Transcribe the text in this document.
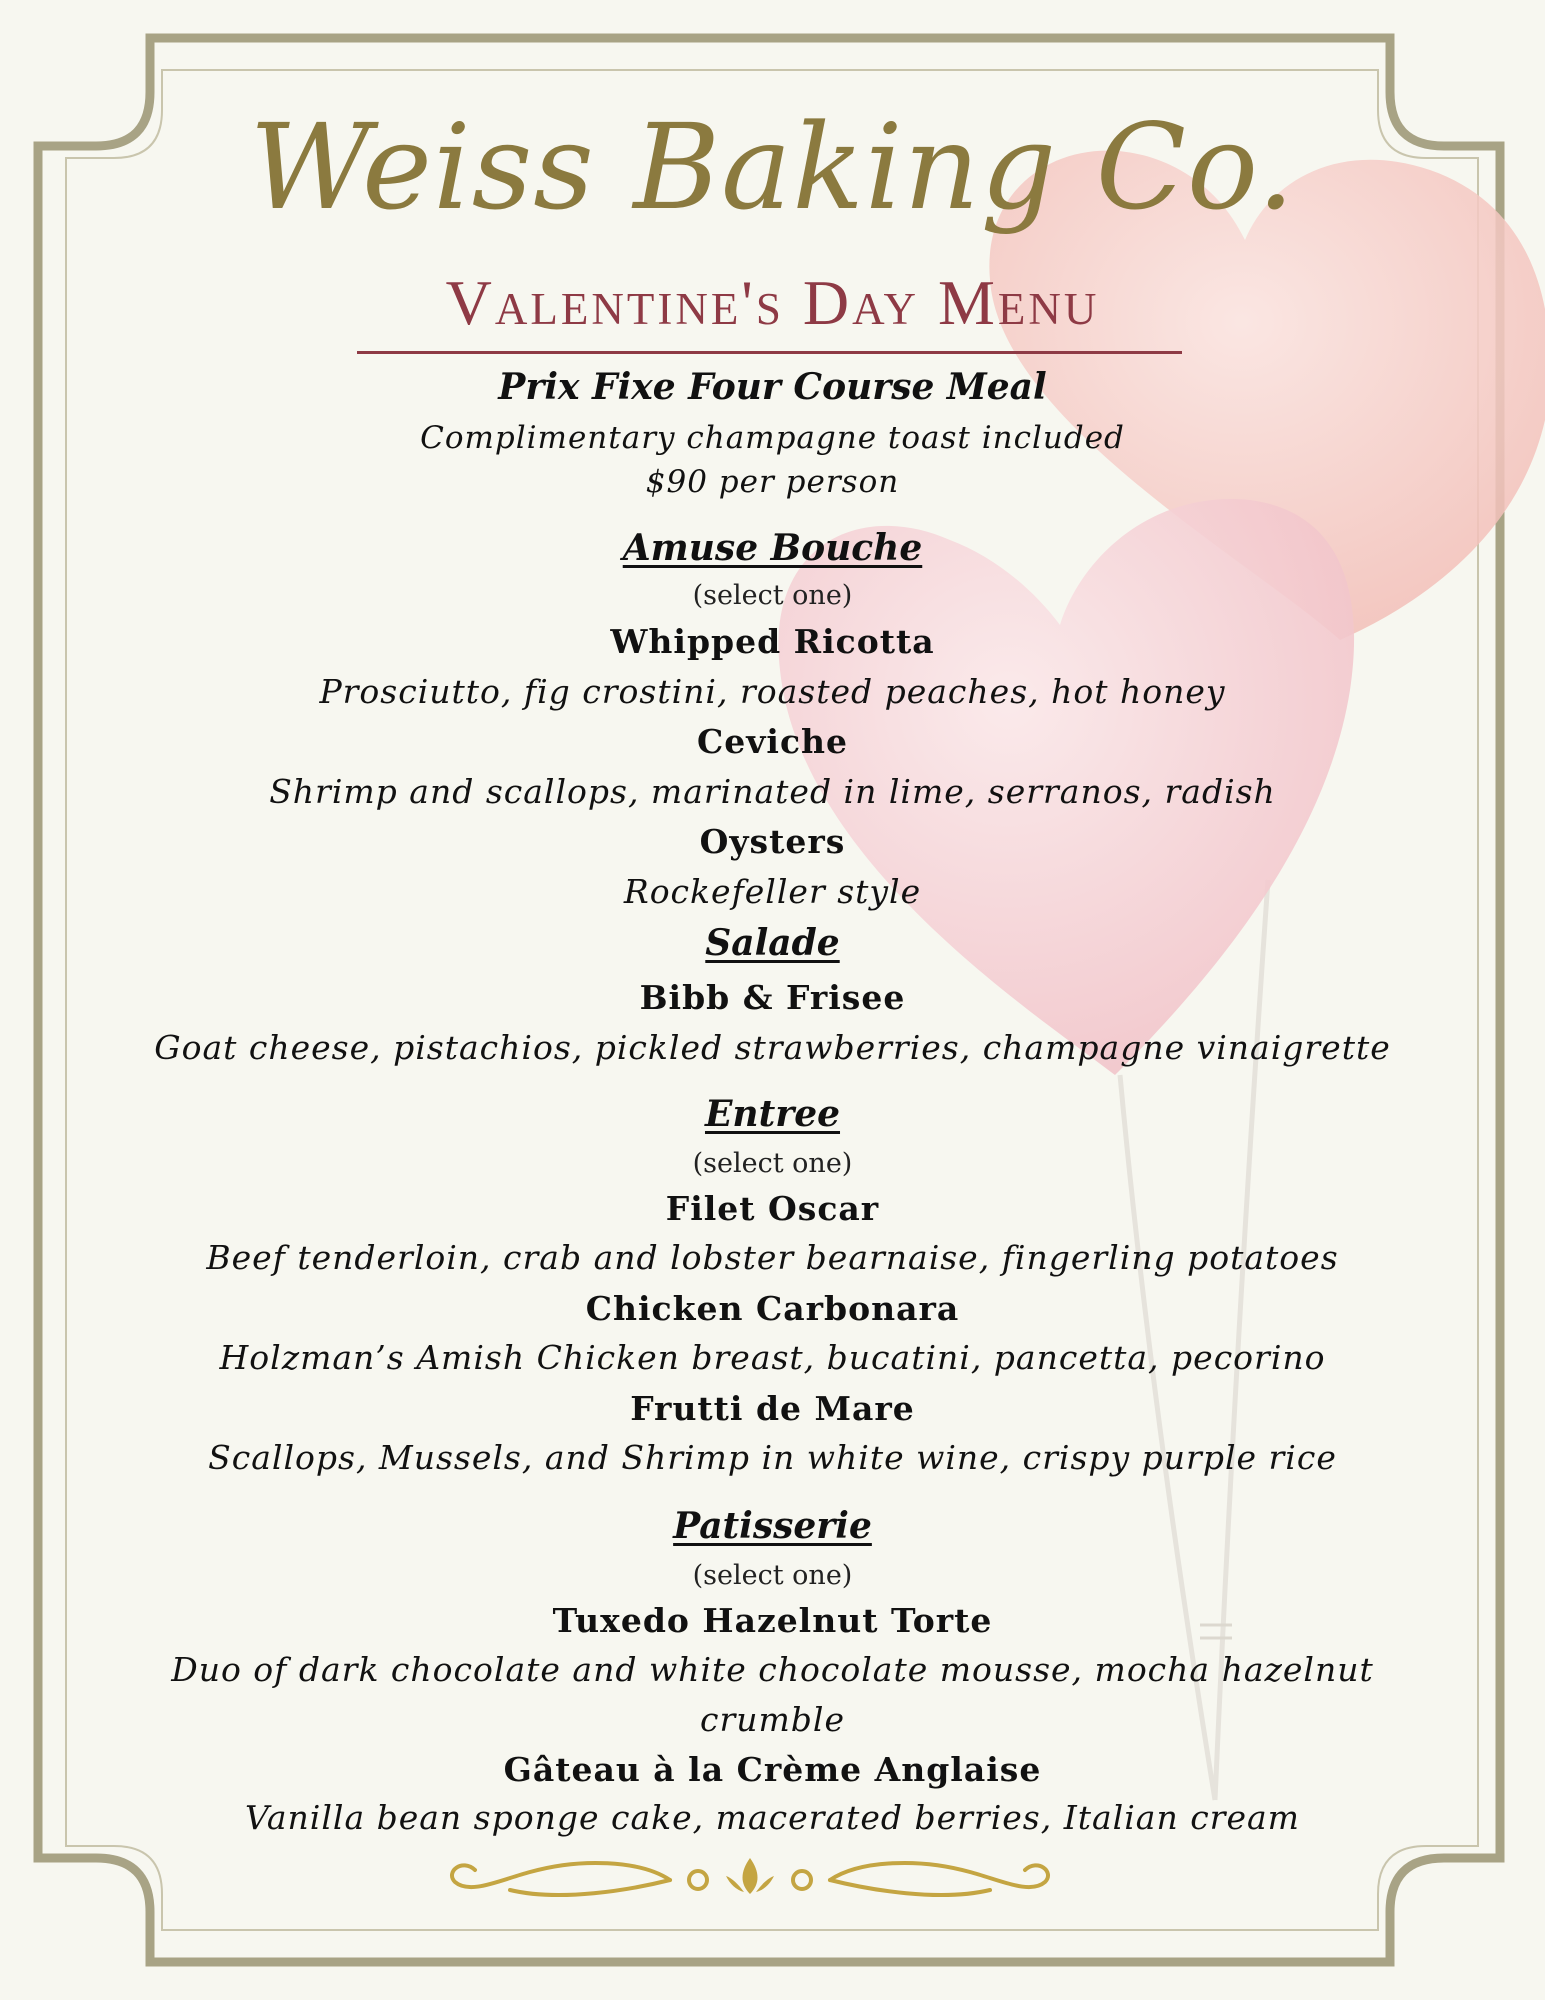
Weiss Baking Co.
Valentine's Day Menu
Prix Fixe Four Course Meal
Complimentary champagne toast included
$90 per person
Amuse Bouche
(select one)
Whipped Ricotta
Prosciutto, fig crostini, roasted peaches, hot honey
Ceviche
Shrimp and scallops, marinated in lime, serranos, radish
Oysters
Rockefeller style
Salade
Bibb & Frisee
Goat cheese, pistachios, pickled strawberries, champagne vinaigrette
Entree
(select one)
Filet Oscar
Beef tenderloin, crab and lobster bearnaise, fingerling potatoes
Chicken Carbonara
Holzman’s Amish Chicken breast, bucatini, pancetta, pecorino
Frutti de Mare
Scallops, Mussels, and Shrimp in white wine, crispy purple rice
Patisserie
(select one)
Tuxedo Hazelnut Torte
Duo of dark chocolate and white chocolate mousse, mocha hazelnut
crumble
Gâteau à la Crème Anglaise
Vanilla bean sponge cake, macerated berries, Italian cream
